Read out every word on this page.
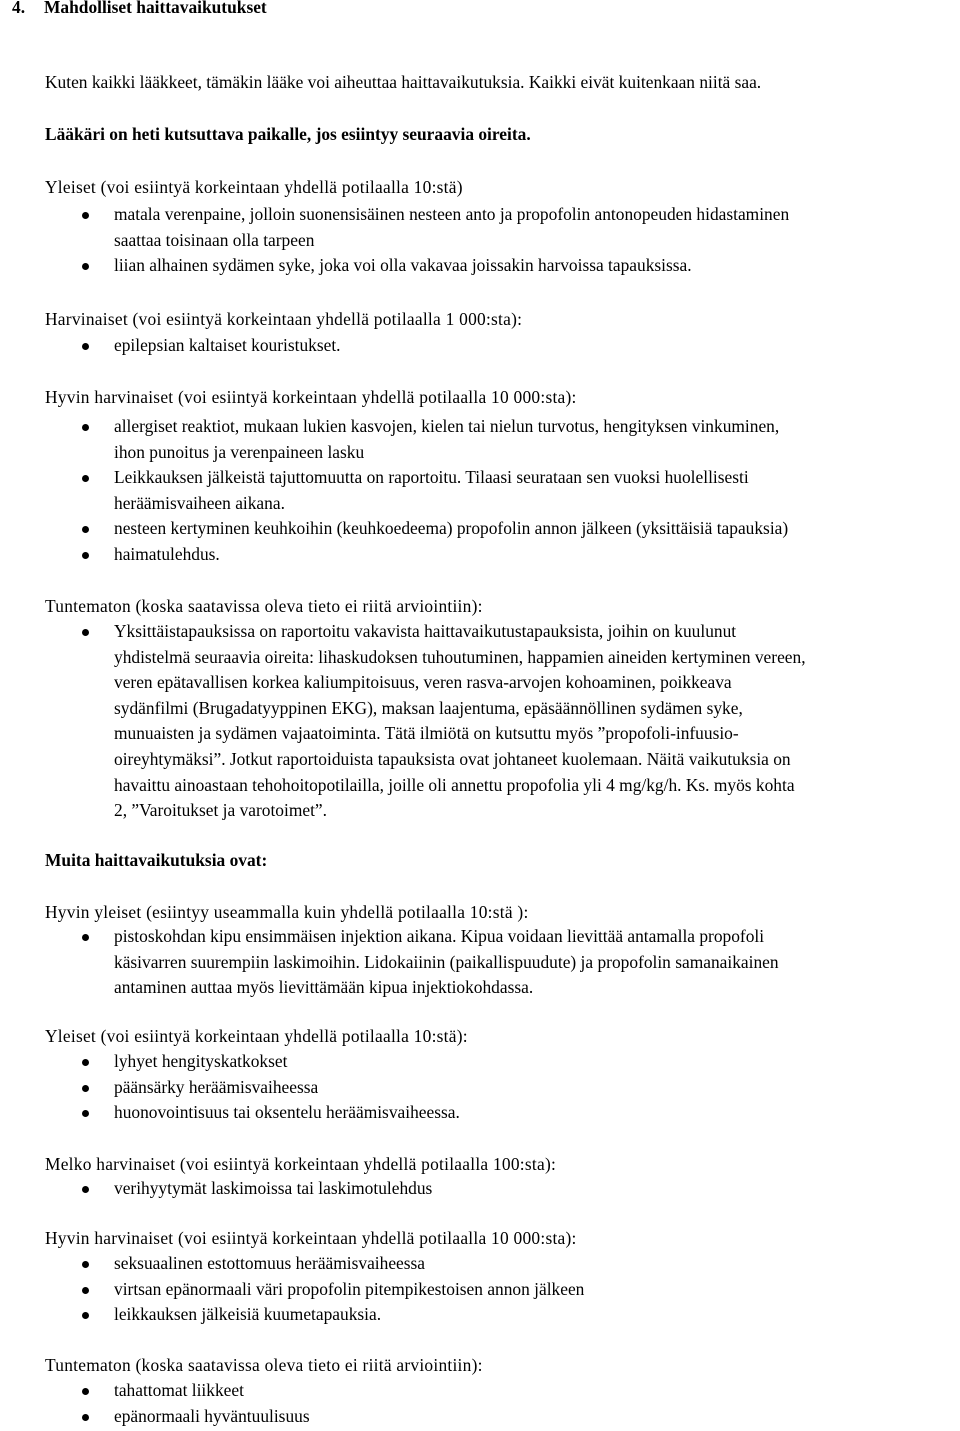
4. Mahdolliset haittavaikutukset
Kuten kaikki lääkkeet, tämäkin lääke voi aiheuttaa haittavaikutuksia. Kaikki eivät kuitenkaan niitä saa.
Lääkäri on heti kutsuttava paikalle, jos esiintyy seuraavia oireita.
Yleiset (voi esiintyä korkeintaan yhdellä potilaalla 10:stä)
matala verenpaine, jolloin suonensisäinen nesteen anto ja propofolin antonopeuden hidastaminen
saattaa toisinaan olla tarpeen
liian alhainen sydämen syke, joka voi olla vakavaa joissakin harvoissa tapauksissa.
Harvinaiset (voi esiintyä korkeintaan yhdellä potilaalla 1 000:sta):
epilepsian kaltaiset kouristukset.
Hyvin harvinaiset (voi esiintyä korkeintaan yhdellä potilaalla 10 000:sta):
allergiset reaktiot, mukaan lukien kasvojen, kielen tai nielun turvotus, hengityksen vinkuminen,
ihon punoitus ja verenpaineen lasku
Leikkauksen jälkeistä tajuttomuutta on raportoitu. Tilaasi seurataan sen vuoksi huolellisesti
heräämisvaiheen aikana.
nesteen kertyminen keuhkoihin (keuhkoedeema) propofolin annon jälkeen (yksittäisiä tapauksia)
haimatulehdus.
Tuntematon (koska saatavissa oleva tieto ei riitä arviointiin):
Yksittäistapauksissa on raportoitu vakavista haittavaikutustapauksista, joihin on kuulunut
yhdistelmä seuraavia oireita: lihaskudoksen tuhoutuminen, happamien aineiden kertyminen vereen,
veren epätavallisen korkea kaliumpitoisuus, veren rasva-arvojen kohoaminen, poikkeava
sydänfilmi (Brugadatyyppinen EKG), maksan laajentuma, epäsäännöllinen sydämen syke,
munuaisten ja sydämen vajaatoiminta. Tätä ilmiötä on kutsuttu myös ”propofoli-infuusio-
oireyhtymäksi”. Jotkut raportoiduista tapauksista ovat johtaneet kuolemaan. Näitä vaikutuksia on
havaittu ainoastaan tehohoitopotilailla, joille oli annettu propofolia yli 4 mg/kg/h. Ks. myös kohta
2, ”Varoitukset ja varotoimet”.
Muita haittavaikutuksia ovat:
Hyvin yleiset (esiintyy useammalla kuin yhdellä potilaalla 10:stä ):
pistoskohdan kipu ensimmäisen injektion aikana. Kipua voidaan lievittää antamalla propofoli
käsivarren suurempiin laskimoihin. Lidokaiinin (paikallispuudute) ja propofolin samanaikainen
antaminen auttaa myös lievittämään kipua injektiokohdassa.
Yleiset (voi esiintyä korkeintaan yhdellä potilaalla 10:stä):
lyhyet hengityskatkokset
päänsärky heräämisvaiheessa
huonovointisuus tai oksentelu heräämisvaiheessa.
Melko harvinaiset (voi esiintyä korkeintaan yhdellä potilaalla 100:sta):
verihyytymät laskimoissa tai laskimotulehdus
Hyvin harvinaiset (voi esiintyä korkeintaan yhdellä potilaalla 10 000:sta):
seksuaalinen estottomuus heräämisvaiheessa
virtsan epänormaali väri propofolin pitempikestoisen annon jälkeen
leikkauksen jälkeisiä kuumetapauksia.
Tuntematon (koska saatavissa oleva tieto ei riitä arviointiin):
tahattomat liikkeet
epänormaali hyväntuulisuus
